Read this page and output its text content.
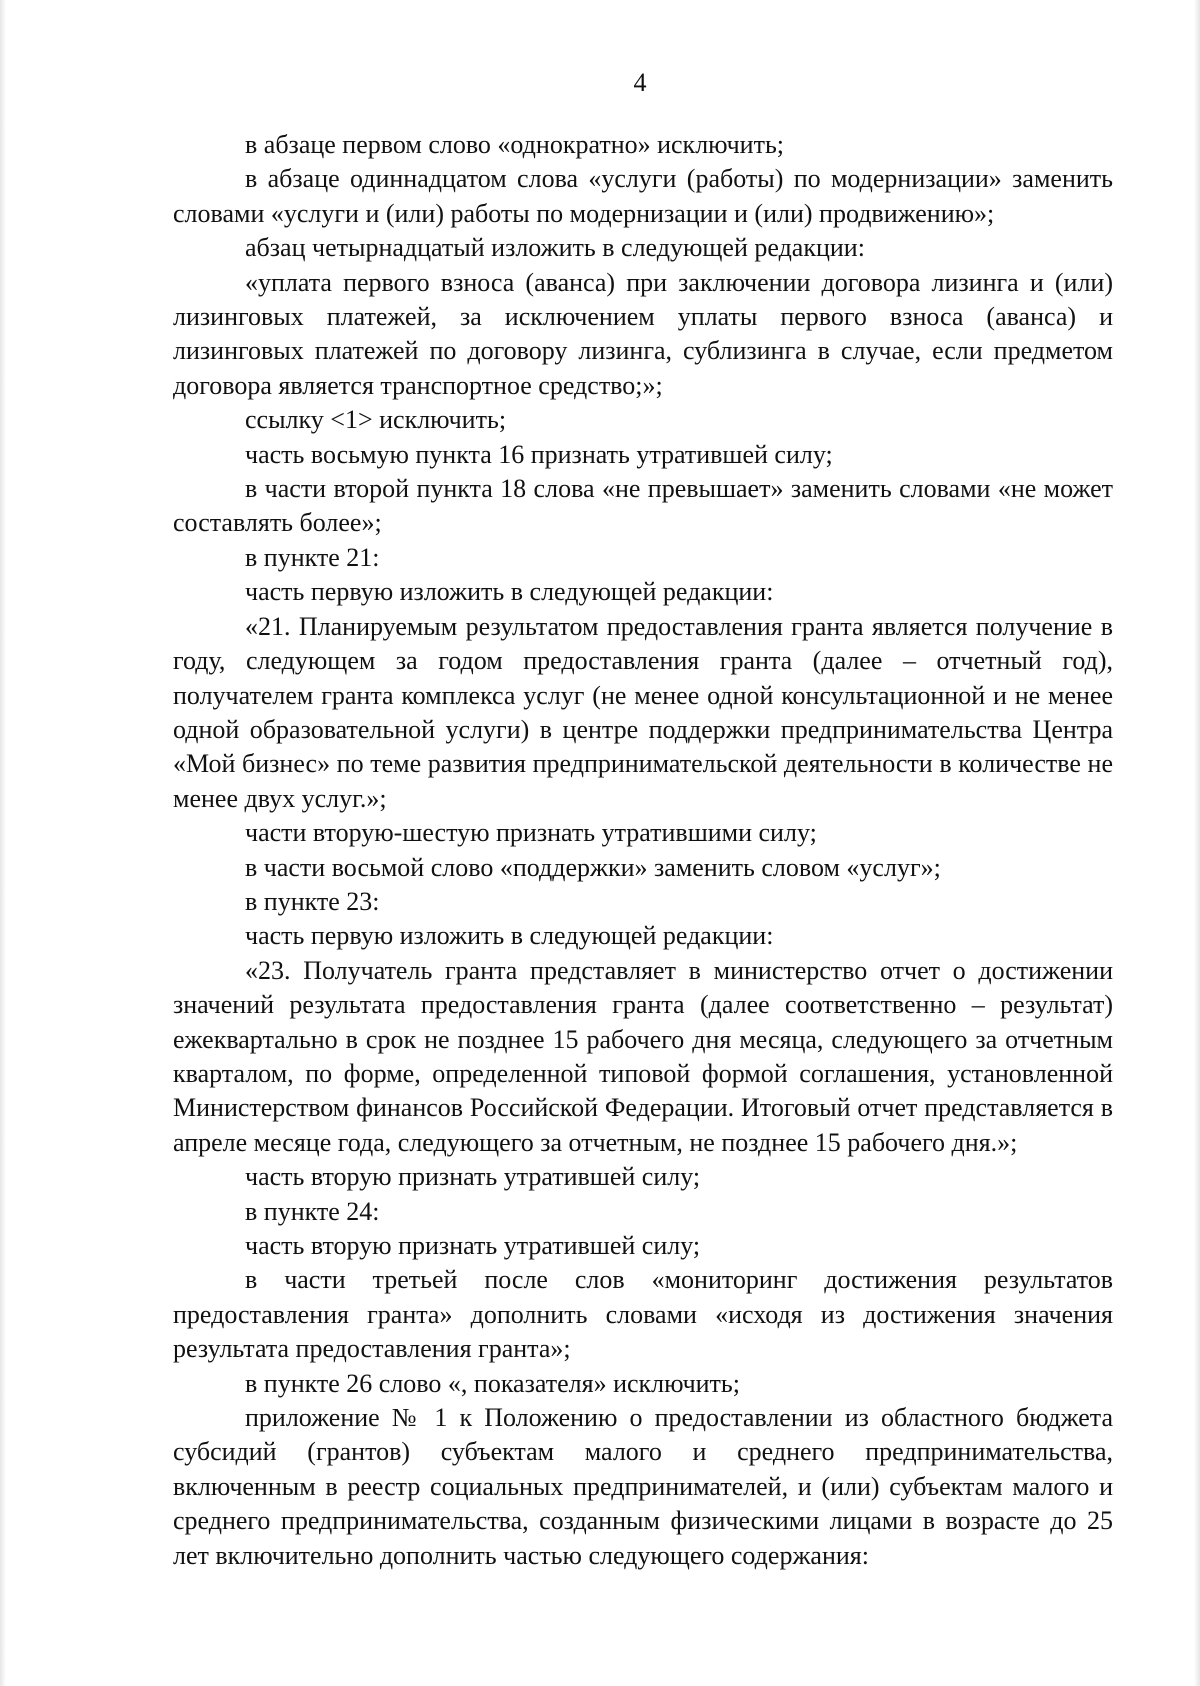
4

в абзаце первом слово «однократно» исключить;

в абзаце одиннадцатом слова «услуги (работы) по модернизации» заменить словами «услуги и (или) работы по модернизации и (или) продвижению»;

абзац четырнадцатый изложить в следующей редакции:

«уплата первого взноса (аванса) при заключении договора лизинга и (или) лизинговых платежей, за исключением уплаты первого взноса (аванса) и лизинговых платежей по договору лизинга, сублизинга в случае, если предметом договора является транспортное средство;»;

ссылку <1> исключить;

часть восьмую пункта 16 признать утратившей силу;

в части второй пункта 18 слова «не превышает» заменить словами «не может составлять более»;

в пункте 21:

часть первую изложить в следующей редакции:

«21. Планируемым результатом предоставления гранта является получение в году, следующем за годом предоставления гранта (далее – отчетный год), получателем гранта комплекса услуг (не менее одной консультационной и не менее одной образовательной услуги) в центре поддержки предпринимательства Центра «Мой бизнес» по теме развития предпринимательской деятельности в количестве не менее двух услуг.»;

части вторую-шестую признать утратившими силу;

в части восьмой слово «поддержки» заменить словом «услуг»;

в пункте 23:

часть первую изложить в следующей редакции:

«23. Получатель гранта представляет в министерство отчет о достижении значений результата предоставления гранта (далее соответственно – результат) ежеквартально в срок не позднее 15 рабочего дня месяца, следующего за отчетным кварталом, по форме, определенной типовой формой соглашения, установленной Министерством финансов Российской Федерации. Итоговый отчет представляется в апреле месяце года, следующего за отчетным, не позднее 15 рабочего дня.»;

часть вторую признать утратившей силу;

в пункте 24:

часть вторую признать утратившей силу;

в части третьей после слов «мониторинг достижения результатов предоставления гранта» дополнить словами «исходя из достижения значения результата предоставления гранта»;

в пункте 26 слово «, показателя» исключить;

приложение № 1 к Положению о предоставлении из областного бюджета субсидий (грантов) субъектам малого и среднего предпринимательства, включенным в реестр социальных предпринимателей, и (или) субъектам малого и среднего предпринимательства, созданным физическими лицами в возрасте до 25 лет включительно дополнить частью следующего содержания:
